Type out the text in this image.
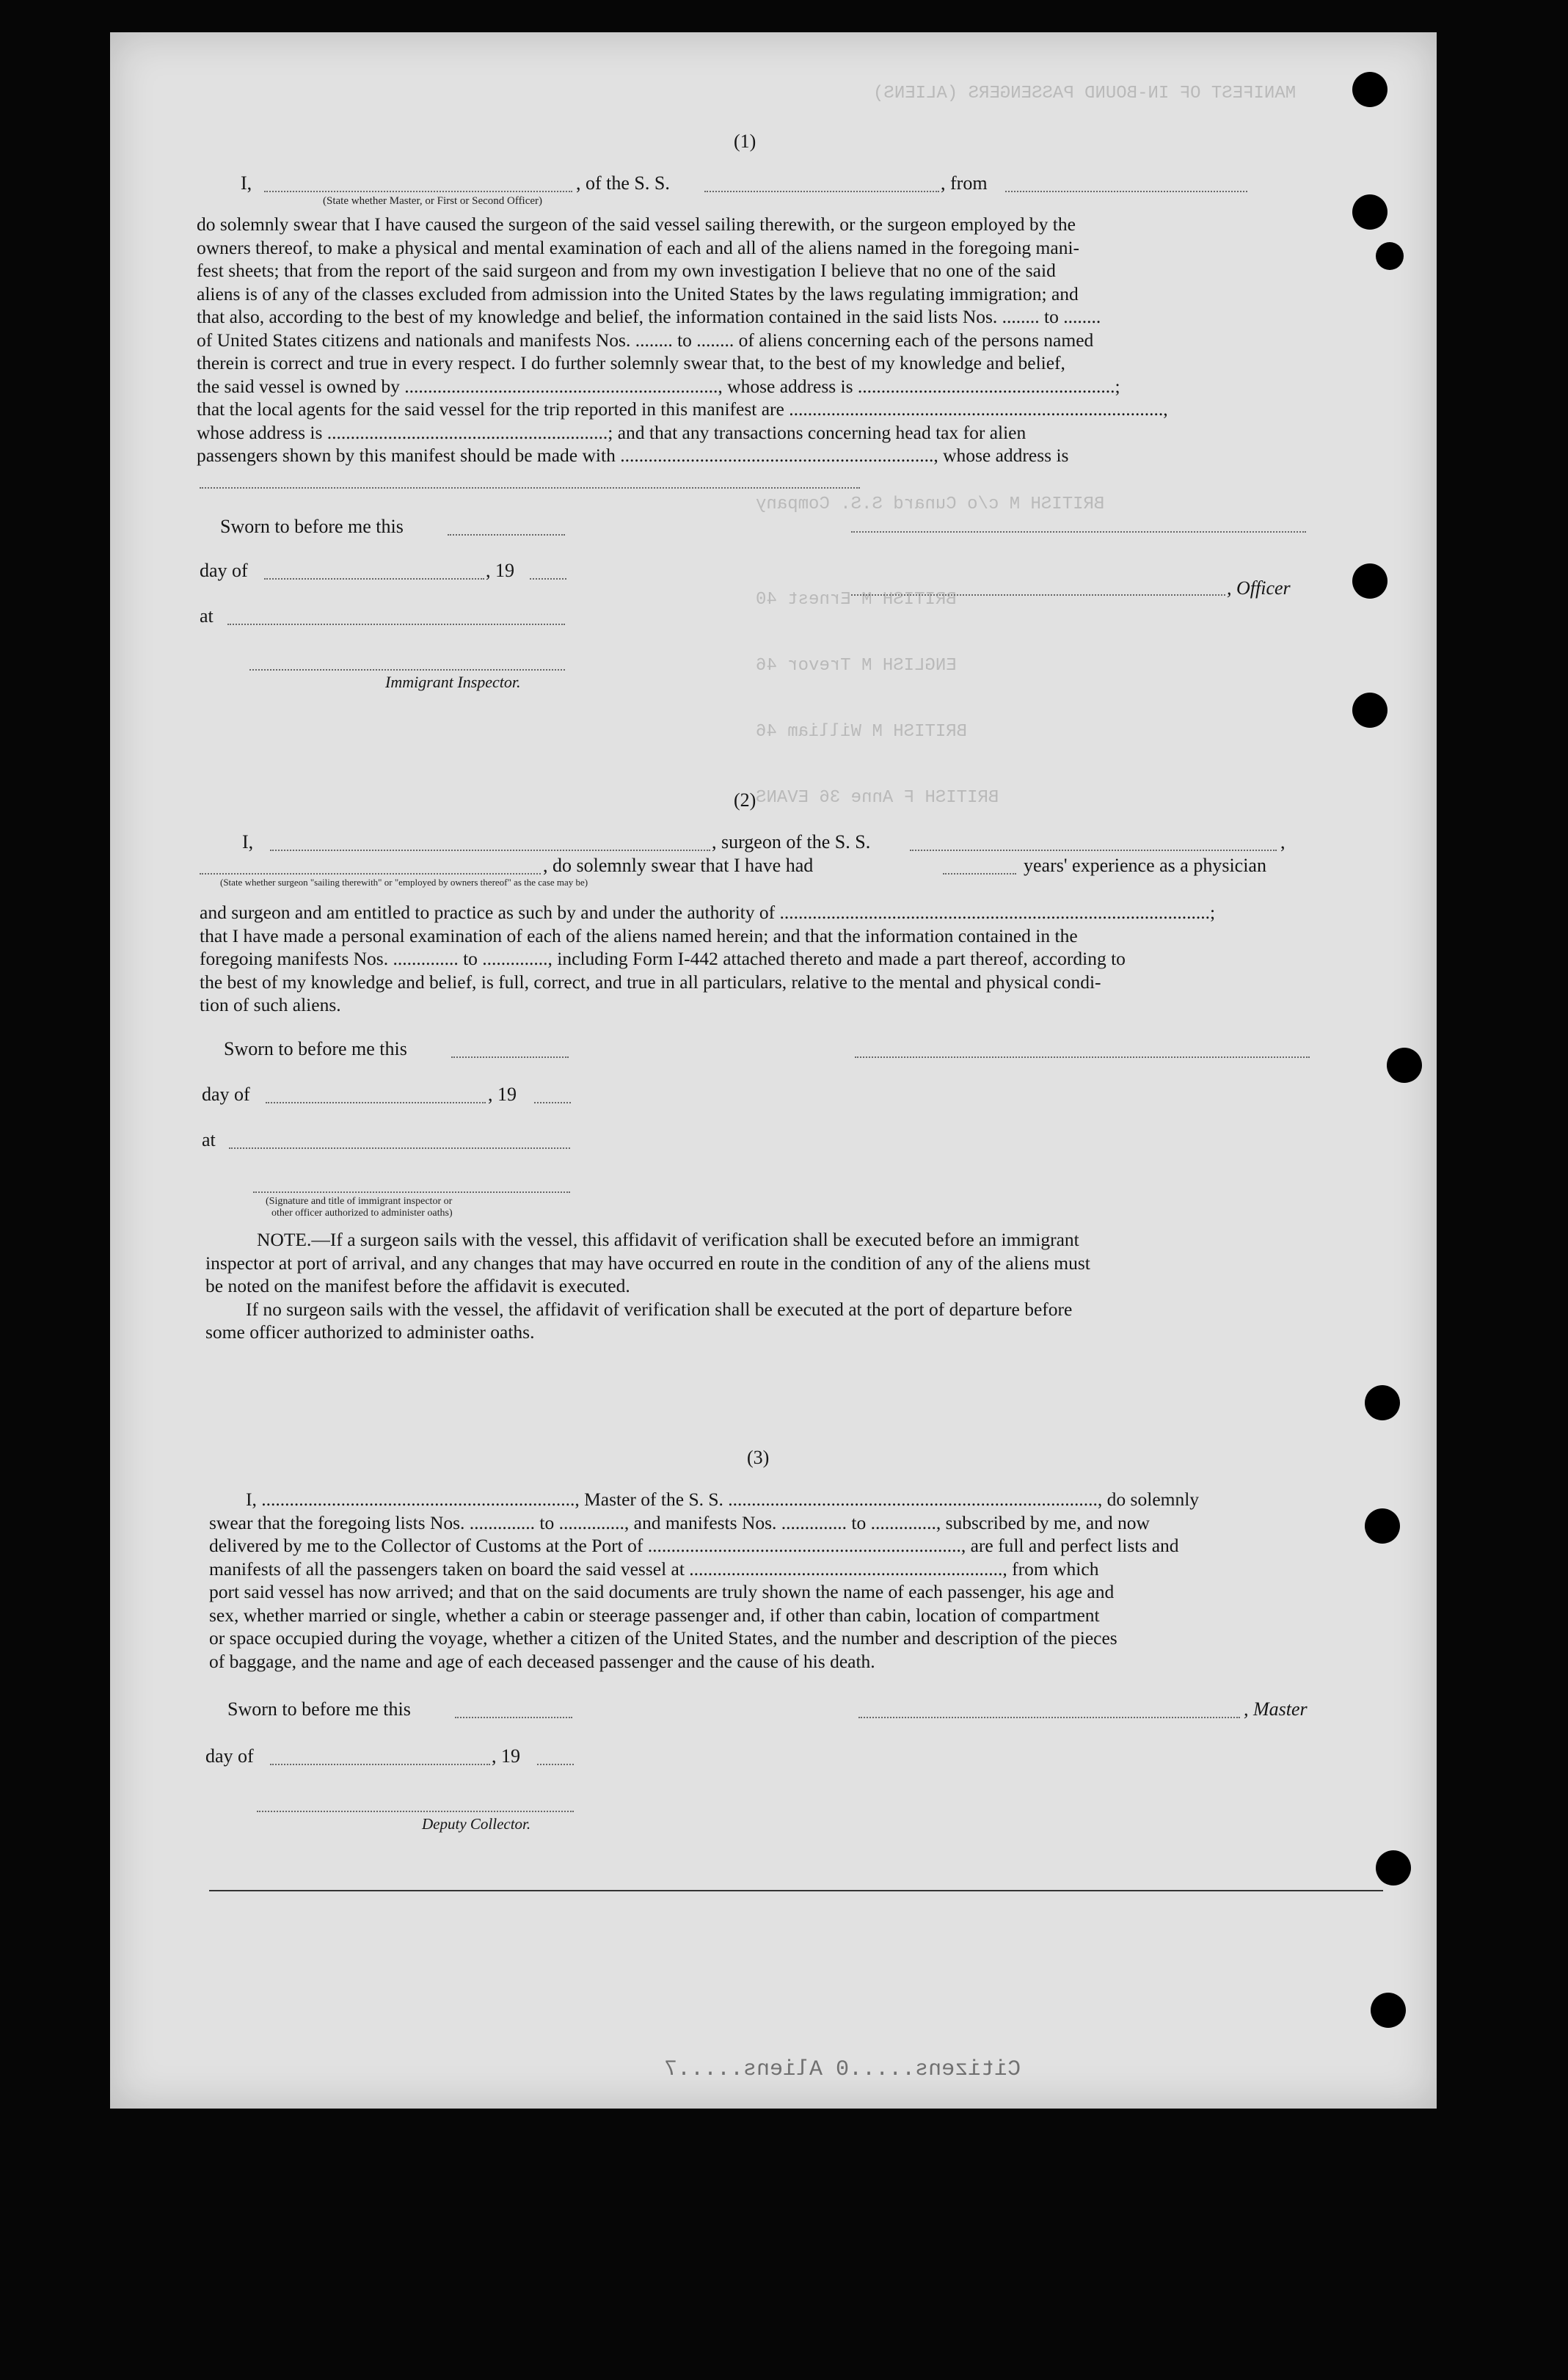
MANIFEST OF IN-BOUND PASSENGERS (ALIENS)
BRITISH M c/o Cunard S.S. Company
BRITISH M Ernest 40
ENGLISH M Trevor 46
BRITISH M William 46
BRITISH F Anne 36 EVANS
(1)
I,	, of the S. S.	, from
(State whether Master, or First or Second Officer)

do solemnly swear that I have caused the surgeon of the said vessel sailing therewith, or the surgeon employed by the

owners thereof, to make a physical and mental examination of each and all of the aliens named in the foregoing mani-

fest sheets; that from the report of the said surgeon and from my own investigation I believe that no one of the said

aliens is of any of the classes excluded from admission into the United States by the laws regulating immigration; and

that also, according to the best of my knowledge and belief, the information contained in the said lists Nos. ........ to ........

of United States citizens and nationals and manifests Nos. ........ to ........ of aliens concerning each of the persons named

therein is correct and true in every respect. I do further solemnly swear that, to the best of my knowledge and belief,

the said vessel is owned by ..................................................................., whose address is .......................................................;

that the local agents for the said vessel for the trip reported in this manifest are ................................................................................,

whose address is ............................................................; and that any transactions concerning head tax for alien

passengers shown by this manifest should be made with ..................................................................., whose address is

Sworn to before me this
day of	, 19
, Officer
at
Immigrant Inspector.
(2)
I,	, surgeon of the S. S.	,
, do solemnly swear that I have had	years' experience as a physician
(State whether surgeon "sailing therewith" or "employed by owners thereof" as the case may be)

and surgeon and am entitled to practice as such by and under the authority of ............................................................................................;

that I have made a personal examination of each of the aliens named herein; and that the information contained in the

foregoing manifests Nos. .............. to .............., including Form I-442 attached thereto and made a part thereof, according to

the best of my knowledge and belief, is full, correct, and true in all particulars, relative to the mental and physical condi-

tion of such aliens.

Sworn to before me this
day of	, 19
at
(Signature and title of immigrant inspector or
other officer authorized to administer oaths)

NOTE.—If a surgeon sails with the vessel, this affidavit of verification shall be executed before an immigrant

inspector at port of arrival, and any changes that may have occurred en route in the condition of any of the aliens must

be noted on the manifest before the affidavit is executed.

If no surgeon sails with the vessel, the affidavit of verification shall be executed at the port of departure before

some officer authorized to administer oaths.

(3)

I, ..................................................................., Master of the S. S. ..............................................................................., do solemnly

swear that the foregoing lists Nos. .............. to .............., and manifests Nos. .............. to .............., subscribed by me, and now

delivered by me to the Collector of Customs at the Port of ..................................................................., are full and perfect lists and

manifests of all the passengers taken on board the said vessel at ..................................................................., from which

port said vessel has now arrived; and that on the said documents are truly shown the name of each passenger, his age and

sex, whether married or single, whether a cabin or steerage passenger and, if other than cabin, location of compartment

or space occupied during the voyage, whether a citizen of the United States, and the number and description of the pieces

of baggage, and the name and age of each deceased passenger and the cause of his death.

Sworn to before me this	, Master
day of	, 19
Deputy Collector.
Citizens.....0 Aliens.....7
